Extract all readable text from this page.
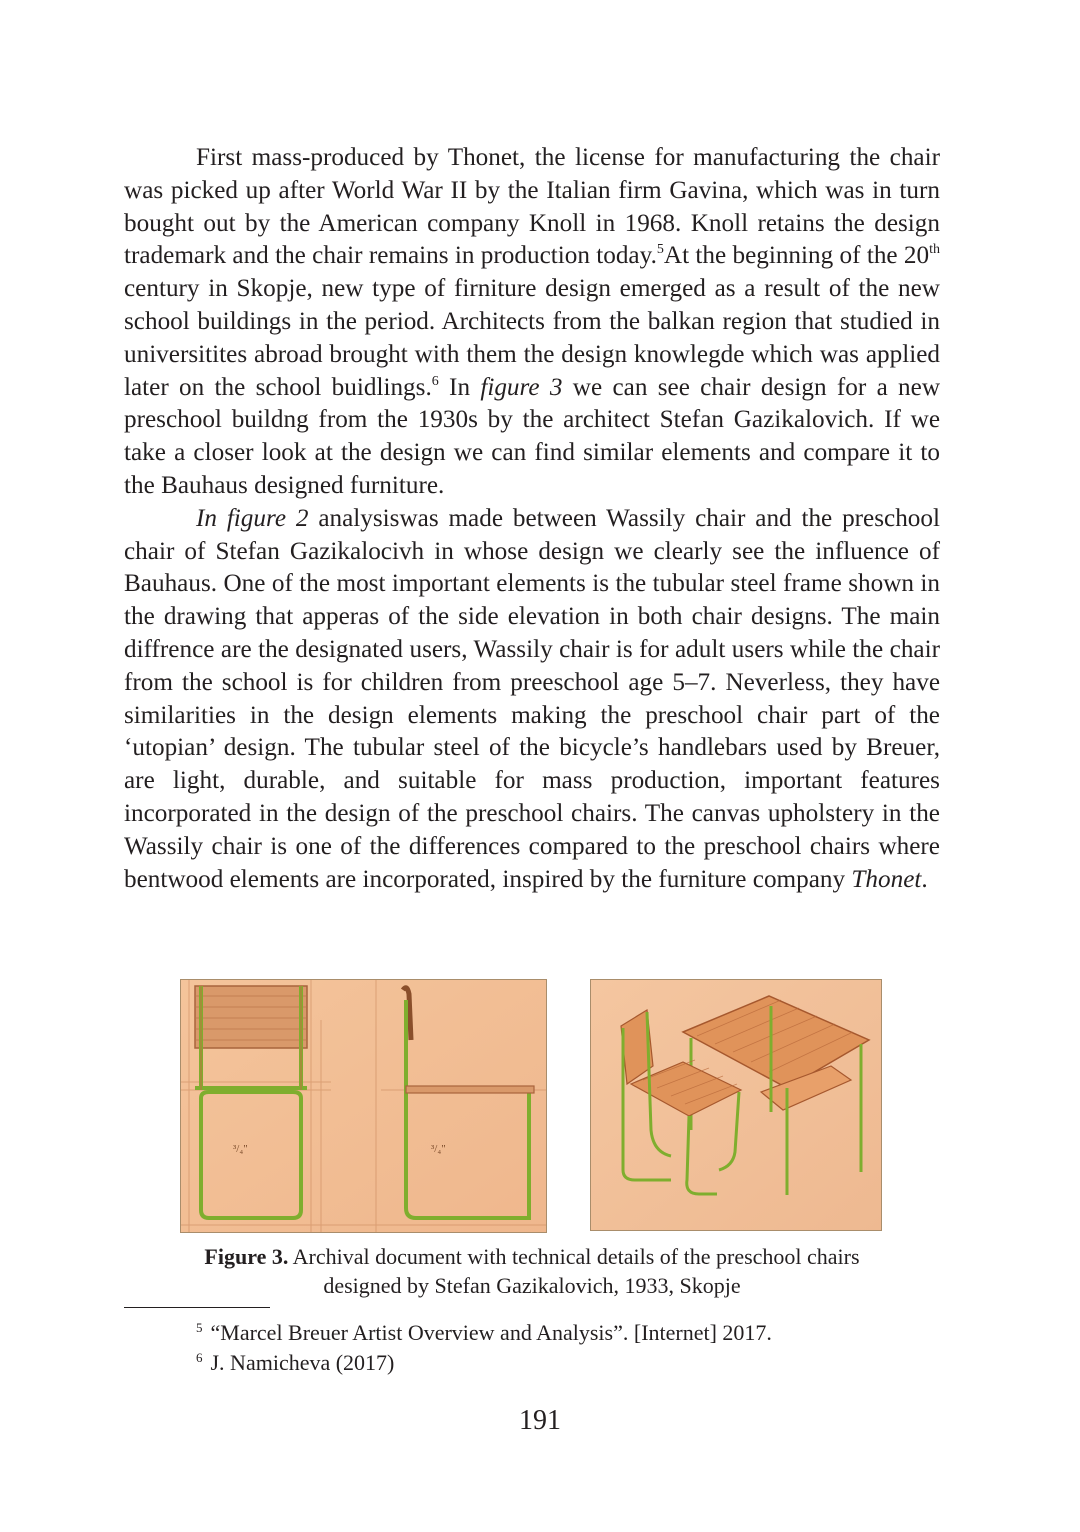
First mass-produced by Thonet, the license for manufacturing the chair was picked up after World War II by the Italian firm Gavina, which was in turn bought out by the American company Knoll in 1968. Knoll retains the design trademark and the chair remains in production today.$^5$At the beginning of the 20th century in Skopje, new type of firniture design emerged as a result of the new school buildings in the period. Architects from the balkan region that studied in universitites abroad brought with them the design knowlegde which was applied later on the school buidlings.$^6$ In figure 3 we can see chair design for a new preschool buildng from the 1930s by the architect Stefan Gazikalovich. If we take a closer look at the design we can find similar elements and compare it to the Bauhaus designed furniture.

In figure 2 analysiswas made between Wassily chair and the preschool chair of Stefan Gazikalocivh in whose design we clearly see the influence of Bauhaus. One of the most important elements is the tubular steel frame shown in the drawing that apperas of the side elevation in both chair designs. The main diffrence are the designated users, Wassily chair is for adult users while the chair from the school is for children from preeschool age 5–7. Neverless, they have similarities in the design elements making the preschool chair part of the ‘utopian’ design. The tubular steel of the bicycle’s handlebars used by Breuer, are light, durable, and suitable for mass production, important features incorporated in the design of the preschool chairs. The canvas upholstery in the Wassily chair is one of the differences compared to the preschool chairs where bentwood elements are incorporated, inspired by the furniture company Thonet.

³/₄"	³/₄"
Figure 3. Archival document with technical details of the preschool chairs
designed by Stefan Gazikalovich, 1933, Skopje
$^5$ “Marcel Breuer Artist Overview and Analysis”. [Internet] 2017.
$^6$ J. Namicheva (2017)
191
